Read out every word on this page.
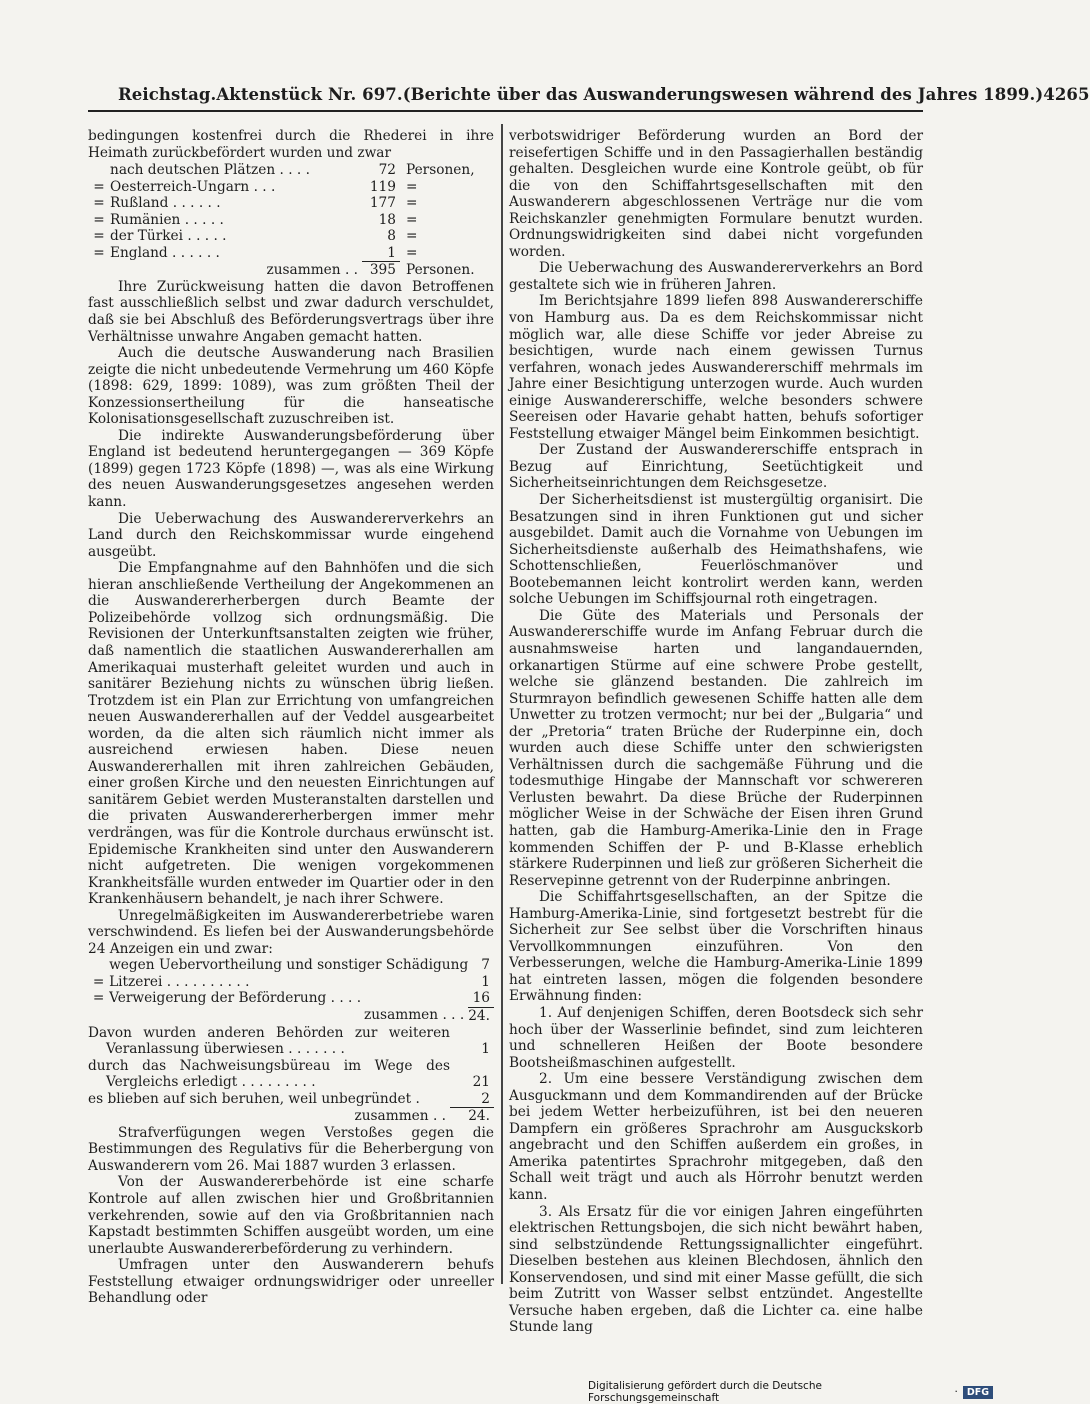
Reichstag. Aktenstück Nr. 697. (Berichte über das Auswanderungswesen während des Jahres 1899.) 4265

bedingungen kostenfrei durch die Rhederei in ihre Heimath zurückbefördert wurden und zwar

	nach deutschen Plätzen . . . .	72	Personen,
=	Oesterreich-Ungarn . . .	119	=
=	Rußland . . . . . .	177	=
=	Rumänien . . . . .	18	=
=	der Türkei . . . . .	8	=
=	England . . . . . .	1	=
	zusammen . .	395	Personen.

Ihre Zurückweisung hatten die davon Betroffenen fast ausschließlich selbst und zwar dadurch verschuldet, daß sie bei Abschluß des Beförderungsvertrags über ihre Verhältnisse unwahre Angaben gemacht hatten.

Auch die deutsche Auswanderung nach Brasilien zeigte die nicht unbedeutende Vermehrung um 460 Köpfe (1898: 629, 1899: 1089), was zum größten Theil der Konzessionsertheilung für die hanseatische Kolonisationsgesellschaft zuzuschreiben ist.

Die indirekte Auswanderungsbeförderung über England ist bedeutend heruntergegangen — 369 Köpfe (1899) gegen 1723 Köpfe (1898) —, was als eine Wirkung des neuen Auswanderungsgesetzes angesehen werden kann.

Die Ueberwachung des Auswandererverkehrs an Land durch den Reichskommissar wurde eingehend ausgeübt.

Die Empfangnahme auf den Bahnhöfen und die sich hieran anschließende Vertheilung der Angekommenen an die Auswandererherbergen durch Beamte der Polizeibehörde vollzog sich ordnungsmäßig. Die Revisionen der Unterkunftsanstalten zeigten wie früher, daß namentlich die staatlichen Auswandererhallen am Amerikaquai musterhaft geleitet wurden und auch in sanitärer Beziehung nichts zu wünschen übrig ließen. Trotzdem ist ein Plan zur Errichtung von umfangreichen neuen Auswandererhallen auf der Veddel ausgearbeitet worden, da die alten sich räumlich nicht immer als ausreichend erwiesen haben. Diese neuen Auswandererhallen mit ihren zahlreichen Gebäuden, einer großen Kirche und den neuesten Einrichtungen auf sanitärem Gebiet werden Musteranstalten darstellen und die privaten Auswandererherbergen immer mehr verdrängen, was für die Kontrole durchaus erwünscht ist. Epidemische Krankheiten sind unter den Auswanderern nicht aufgetreten. Die wenigen vorgekommenen Krankheitsfälle wurden entweder im Quartier oder in den Krankenhäusern behandelt, je nach ihrer Schwere.

Unregelmäßigkeiten im Auswandererbetriebe waren verschwindend. Es liefen bei der Auswanderungsbehörde 24 Anzeigen ein und zwar:

	wegen Uebervortheilung und sonstiger Schädigung	7
=	Litzerei . . . . . . . . . .	1
=	Verweigerung der Beförderung . . . .	16
	zusammen . . .	24.
Davon wurden anderen Behörden zur weiteren Veranlassung überwiesen . . . . . . .	1
durch das Nachweisungsbüreau im Wege des Vergleichs erledigt . . . . . . . . .	21
es blieben auf sich beruhen, weil unbegründet .	2
zusammen . .	24.

Strafverfügungen wegen Verstoßes gegen die Bestimmungen des Regulativs für die Beherbergung von Auswanderern vom 26. Mai 1887 wurden 3 erlassen.

Von der Auswandererbehörde ist eine scharfe Kontrole auf allen zwischen hier und Großbritannien verkehrenden, sowie auf den via Großbritannien nach Kapstadt bestimmten Schiffen ausgeübt worden, um eine unerlaubte Auswandererbeförderung zu verhindern.

Umfragen unter den Auswanderern behufs Feststellung etwaiger ordnungswidriger oder unreeller Behandlung oder

verbotswidriger Beförderung wurden an Bord der reisefertigen Schiffe und in den Passagierhallen beständig gehalten. Desgleichen wurde eine Kontrole geübt, ob für die von den Schiffahrtsgesellschaften mit den Auswanderern abgeschlossenen Verträge nur die vom Reichskanzler genehmigten Formulare benutzt wurden. Ordnungswidrigkeiten sind dabei nicht vorgefunden worden.

Die Ueberwachung des Auswandererverkehrs an Bord gestaltete sich wie in früheren Jahren.

Im Berichtsjahre 1899 liefen 898 Auswandererschiffe von Hamburg aus. Da es dem Reichskommissar nicht möglich war, alle diese Schiffe vor jeder Abreise zu besichtigen, wurde nach einem gewissen Turnus verfahren, wonach jedes Auswandererschiff mehrmals im Jahre einer Besichtigung unterzogen wurde. Auch wurden einige Auswandererschiffe, welche besonders schwere Seereisen oder Havarie gehabt hatten, behufs sofortiger Feststellung etwaiger Mängel beim Einkommen besichtigt.

Der Zustand der Auswandererschiffe entsprach in Bezug auf Einrichtung, Seetüchtigkeit und Sicherheitseinrichtungen dem Reichsgesetze.

Der Sicherheitsdienst ist mustergültig organisirt. Die Besatzungen sind in ihren Funktionen gut und sicher ausgebildet. Damit auch die Vornahme von Uebungen im Sicherheitsdienste außerhalb des Heimathshafens, wie Schottenschließen, Feuerlöschmanöver und Bootebemannen leicht kontrolirt werden kann, werden solche Uebungen im Schiffsjournal roth eingetragen.

Die Güte des Materials und Personals der Auswandererschiffe wurde im Anfang Februar durch die ausnahmsweise harten und langandauernden, orkanartigen Stürme auf eine schwere Probe gestellt, welche sie glänzend bestanden. Die zahlreich im Sturmrayon befindlich gewesenen Schiffe hatten alle dem Unwetter zu trotzen vermocht; nur bei der „Bulgaria“ und der „Pretoria“ traten Brüche der Ruderpinne ein, doch wurden auch diese Schiffe unter den schwierigsten Verhältnissen durch die sachgemäße Führung und die todesmuthige Hingabe der Mannschaft vor schwereren Verlusten bewahrt. Da diese Brüche der Ruderpinnen möglicher Weise in der Schwäche der Eisen ihren Grund hatten, gab die Hamburg-Amerika-Linie den in Frage kommenden Schiffen der P- und B-Klasse erheblich stärkere Ruderpinnen und ließ zur größeren Sicherheit die Reservepinne getrennt von der Ruderpinne anbringen.

Die Schiffahrtsgesellschaften, an der Spitze die Hamburg-Amerika-Linie, sind fortgesetzt bestrebt für die Sicherheit zur See selbst über die Vorschriften hinaus Vervollkommnungen einzuführen. Von den Verbesserungen, welche die Hamburg-Amerika-Linie 1899 hat eintreten lassen, mögen die folgenden besondere Erwähnung finden:

1. Auf denjenigen Schiffen, deren Bootsdeck sich sehr hoch über der Wasserlinie befindet, sind zum leichteren und schnelleren Heißen der Boote besondere Bootsheißmaschinen aufgestellt.

2. Um eine bessere Verständigung zwischen dem Ausguckmann und dem Kommandirenden auf der Brücke bei jedem Wetter herbeizuführen, ist bei den neueren Dampfern ein größeres Sprachrohr am Ausguckskorb angebracht und den Schiffen außerdem ein großes, in Amerika patentirtes Sprachrohr mitgegeben, daß den Schall weit trägt und auch als Hörrohr benutzt werden kann.

3. Als Ersatz für die vor einigen Jahren eingeführten elektrischen Rettungsbojen, die sich nicht bewährt haben, sind selbstzündende Rettungssignallichter eingeführt. Dieselben bestehen aus kleinen Blechdosen, ähnlich den Konservendosen, und sind mit einer Masse gefüllt, die sich beim Zutritt von Wasser selbst entzündet. Angestellte Versuche haben ergeben, daß die Lichter ca. eine halbe Stunde lang

Digitalisierung gefördert durch die Deutsche Forschungsgemeinschaft	· DFG
